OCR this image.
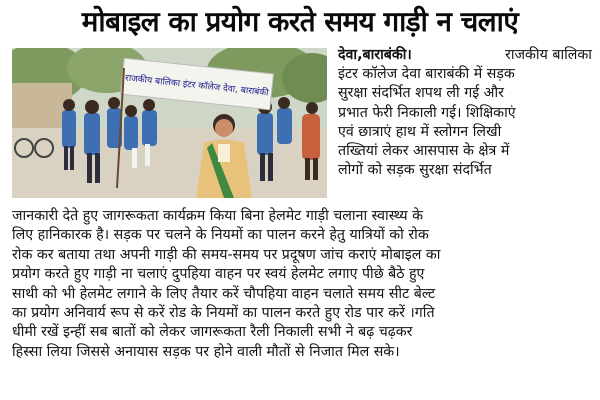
मोबाइल का प्रयोग करते समय गाड़ी न चलाएं
राजकीय बालिका इंटर कॉलेज देवा, बाराबंकी
देवा,बाराबंकी।	राजकीय बालिका
इंटर कॉलेज देवा बाराबंकी में सड़क
सुरक्षा संदर्भित शपथ ली गई और
प्रभात फेरी निकाली गई। शिक्षिकाएं
एवं छात्राएं हाथ में स्लोगन लिखी
तख्तियां लेकर आसपास के क्षेत्र में
लोगों को सड़क सुरक्षा संदर्भित
जानकारी देते हुए जागरूकता कार्यक्रम किया बिना हेलमेट गाड़ी चलाना स्वास्थ्य के
लिए हानिकारक है। सड़क पर चलने के नियमों का पालन करने हेतु यात्रियों को रोक
रोक कर बताया तथा अपनी गाड़ी की समय-समय पर प्रदूषण जांच कराएं मोबाइल का
प्रयोग करते हुए गाड़ी ना चलाएं दुपहिया वाहन पर स्वयं हेलमेट लगाए पीछे बैठे हुए
साथी को भी हेलमेट लगाने के लिए तैयार करें चौपहिया वाहन चलाते समय सीट बेल्ट
का प्रयोग अनिवार्य रूप से करें रोड के नियमों का पालन करते हुए रोड पार करें ।गति
धीमी रखें इन्हीं सब बातों को लेकर जागरूकता रैली निकाली सभी ने बढ़ चढ़कर
हिस्सा लिया जिससे अनायास सड़क पर होने वाली मौतों से निजात मिल सके।
